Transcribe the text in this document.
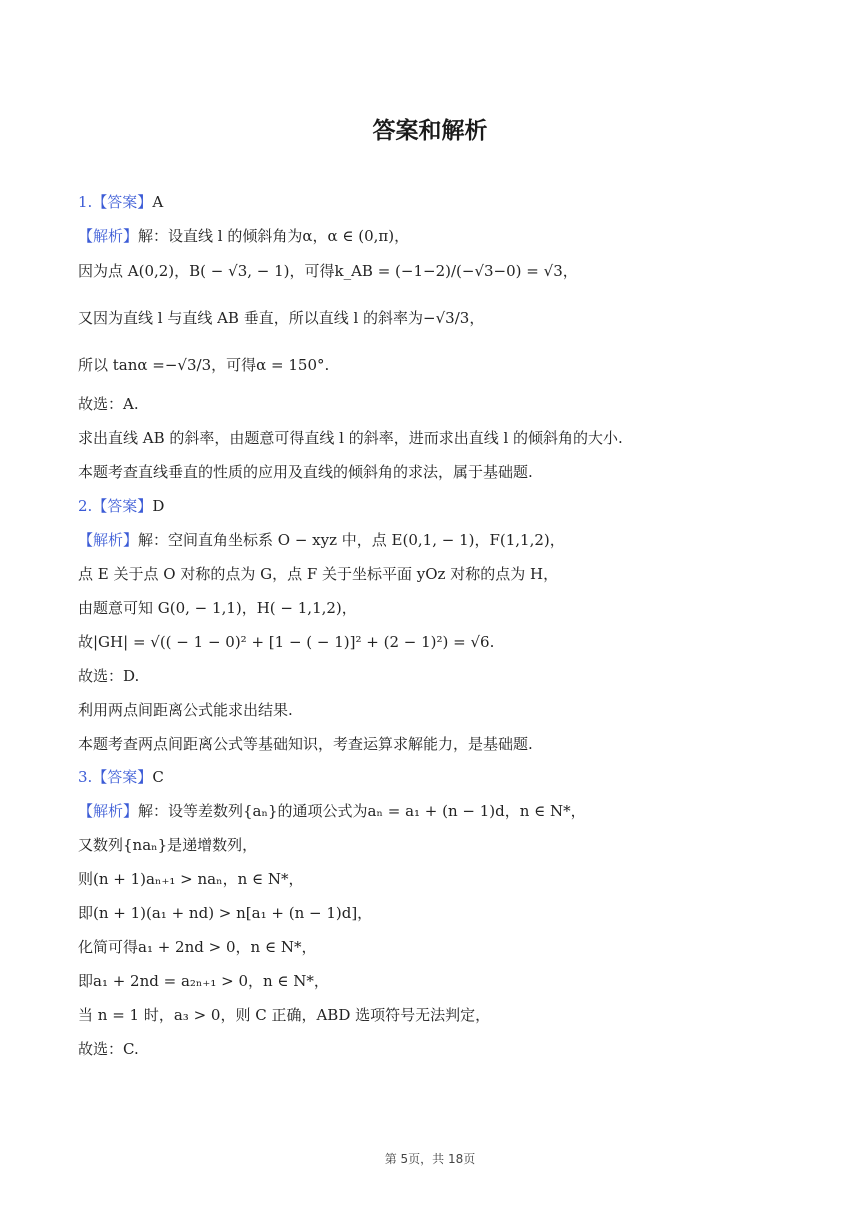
答案和解析
1.【答案】A
【解析】解：设直线 l 的倾斜角为α，α ∈ (0,π)，
因为点 A(0,2)，B( − √3, − 1)，可得k_AB = (−1−2)/(−√3−0) = √3，
又因为直线 l 与直线 AB 垂直，所以直线 l 的斜率为−√3/3，
所以 tanα =−√3/3，可得α = 150°.
故选：A.
求出直线 AB 的斜率，由题意可得直线 l 的斜率，进而求出直线 l 的倾斜角的大小.
本题考查直线垂直的性质的应用及直线的倾斜角的求法，属于基础题.
2.【答案】D
【解析】解：空间直角坐标系 O − xyz 中，点 E(0,1, − 1)，F(1,1,2)，
点 E 关于点 O 对称的点为 G，点 F 关于坐标平面 yOz 对称的点为 H，
由题意可知 G(0, − 1,1)，H( − 1,1,2)，
故|GH| = √(( − 1 − 0)² + [1 − ( − 1)]² + (2 − 1)²) = √6.
故选：D.
利用两点间距离公式能求出结果.
本题考查两点间距离公式等基础知识，考查运算求解能力，是基础题.
3.【答案】C
【解析】解：设等差数列{aₙ}的通项公式为aₙ = a₁ + (n − 1)d，n ∈ N*，
又数列{naₙ}是递增数列，
则(n + 1)aₙ₊₁ > naₙ，n ∈ N*，
即(n + 1)(a₁ + nd) > n[a₁ + (n − 1)d]，
化简可得a₁ + 2nd > 0，n ∈ N*，
即a₁ + 2nd = a₂ₙ₊₁ > 0，n ∈ N*，
当 n = 1 时，a₃ > 0，则 C 正确，ABD 选项符号无法判定，
故选：C.
第 5页，共 18页
